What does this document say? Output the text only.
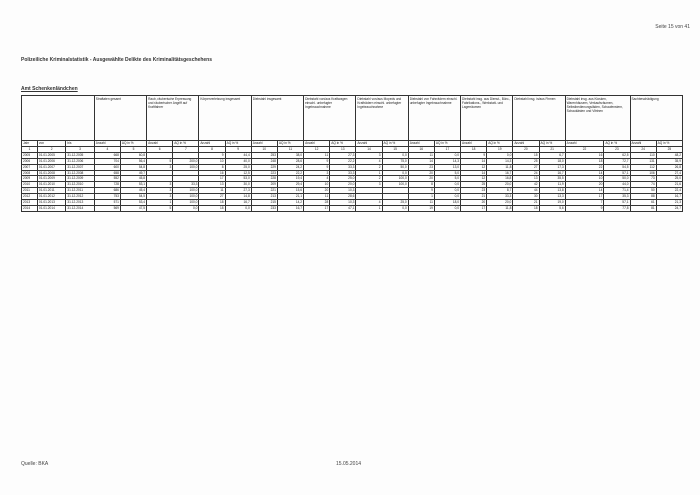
Seite 15 von 41
Polizeiliche Kriminalstatistik - Ausgewählte Delikte des Kriminalitätsgeschehens
Amt Schenkenländchen
			Straftaten gesamt		Raub, räuberische Erpressung und räuberischer Angriff auf Kraftfahrer		Körperverletzung insgesamt		Diebstahl insgesamt		Diebstahl von/aus Kraftwagen einschl. unbefugter Ingebrauchnahme		Diebstahl von/aus Mopeds und Krafträdern einschl. unbefugter Ingebrauchnahme		Diebstahl von Fahrrädern einschl. unbefugter Ingebrauchnahme		Diebstahl insg. aus Dienst-, Büro-, Fabrikations-, Werkstatt- und Lagerräumen		Diebstahl insg. in/aus Firmen		Diebstahl insg. aus Kiosken, Warenhäusern, Verkaufsräumen, Selbstbedienungsläden, Schaufenstern, Schaukästen und Vitrinen		Sachbeschädigung	
Jahr	von	bis	Anzahl	AQ in %	Anzahl	AQ in %	Anzahl	AQ in %	Anzahl	AQ in %	Anzahl	AQ in %	Anzahl	AQ in %	Anzahl	AQ in %	Anzahl	AQ in %	Anzahl	AQ in %	Anzahl	AQ in %	Anzahl	AQ in %
1	2	3	4	5	6	7	8	9	10	11	12	13	14	15	16	17	18	19	20	21	22	23	24	25
2005	01.01.2005	31.12.2005	668	60,8			9	44,4	253	38,0	11	27,3	3	0,0	11	0,0	9	0,0	15	6,7	16	62,5	110	48,2
2006	01.01.2006	31.12.2006	704	56,4	5	200,0	10	40,0	248	28,6	9	22,2	4	75,0	14	14,3	14	14,3	25	18,0	18	72,7	131	35,9
2007	01.01.2007	31.12.2007	600	54,8	3	100,0	8	25,0	229	24,2	9	33,3	2	50,0	23	13,0	12	11,8	27	17,3	22	54,5	112	26,8
2008	01.01.2008	31.12.2008	658	49,7			16	12,5	223	22,2	3	33,3	1	0,0	20	5,0	14	16,7	24	16,7	14	57,1	106	27,4
2009	01.01.2009	31.12.2009	552	45,8			17	53,0	228	19,4	4	25,0	2	100,0	20	5,0	12	16,8	13	35,5	10	50,0	73	25,0
2010	01.01.2010	31.12.2010	728	53,1	3	33,3	13	30,0	209	29,4	10	20,0	3	100,0	8	0,0	25	20,0	42	11,9	20	44,0	74	21,6
2011	01.01.2011	31.12.2011	686	45,4	3	100,0	11	27,3	221	15,6	20	10,3			9	0,0	23	8,7	44	13,8	14	71,4	50	22,4
2012	01.01.2012	31.12.2012	753	54,5	3	100,0	27	14,8	213	21,1	11	28,6			1	0,0	21	33,3	30	13,3	17	35,3	88	16,7
2013	01.01.2013	31.12.2013	571	53,4	1	100,0	18	16,7	215	14,2	28	10,3	4	25,0	11	18,0	20	20,0	21	19,0	7	57,1	61	21,3
2014	01.01.2014	31.12.2014	569	47,5	5	0,0	18	0,0	233	16,7	17	47,1	1	0,0	19	0,0	17	11,8	18	5,6	9	77,8	81	24,7
Quelle: BKA	15.05.2014
